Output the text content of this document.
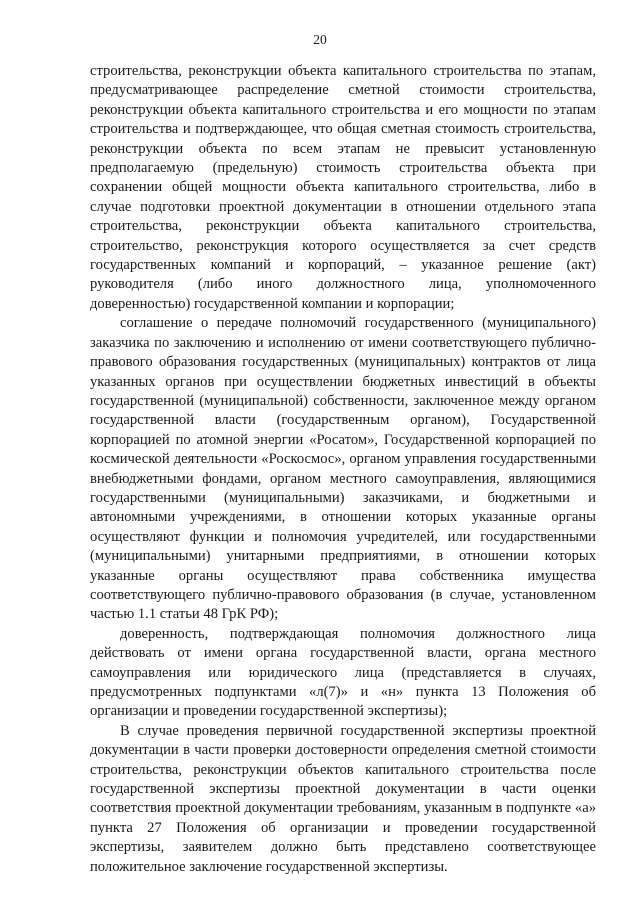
20

строительства, реконструкции объекта капитального строительства по этапам, предусматривающее распределение сметной стоимости строительства, реконструкции объекта капитального строительства и его мощности по этапам строительства и подтверждающее, что общая сметная стоимость строительства, реконструкции объекта по всем этапам не превысит установленную предполагаемую (предельную) стоимость строительства объекта при сохранении общей мощности объекта капитального строительства, либо в случае подготовки проектной документации в отношении отдельного этапа строительства, реконструкции объекта капитального строительства, строительство, реконструкция которого осуществляется за счет средств государственных компаний и корпораций, – указанное решение (акт) руководителя (либо иного должностного лица, уполномоченного доверенностью) государственной компании и корпорации;

соглашение о передаче полномочий государственного (муниципального) заказчика по заключению и исполнению от имени соответствующего публично-правового образования государственных (муниципальных) контрактов от лица указанных органов при осуществлении бюджетных инвестиций в объекты государственной (муниципальной) собственности, заключенное между органом государственной власти (государственным органом), Государственной корпорацией по атомной энергии «Росатом», Государственной корпорацией по космической деятельности «Роскосмос», органом управления государственными внебюджетными фондами, органом местного самоуправления, являющимися государственными (муниципальными) заказчиками, и бюджетными и автономными учреждениями, в отношении которых указанные органы осуществляют функции и полномочия учредителей, или государственными (муниципальными) унитарными предприятиями, в отношении которых указанные органы осуществляют права собственника имущества соответствующего публично-правового образования (в случае, установленном частью 1.1 статьи 48 ГрК РФ);

доверенность, подтверждающая полномочия должностного лица действовать от имени органа государственной власти, органа местного самоуправления или юридического лица (представляется в случаях, предусмотренных подпунктами «л(7)» и «н» пункта 13 Положения об организации и проведении государственной экспертизы);

В случае проведения первичной государственной экспертизы проектной документации в части проверки достоверности определения сметной стоимости строительства, реконструкции объектов капитального строительства после государственной экспертизы проектной документации в части оценки соответствия проектной документации требованиям, указанным в подпункте «а» пункта 27 Положения об организации и проведении государственной экспертизы, заявителем должно быть представлено соответствующее положительное заключение государственной экспертизы.
